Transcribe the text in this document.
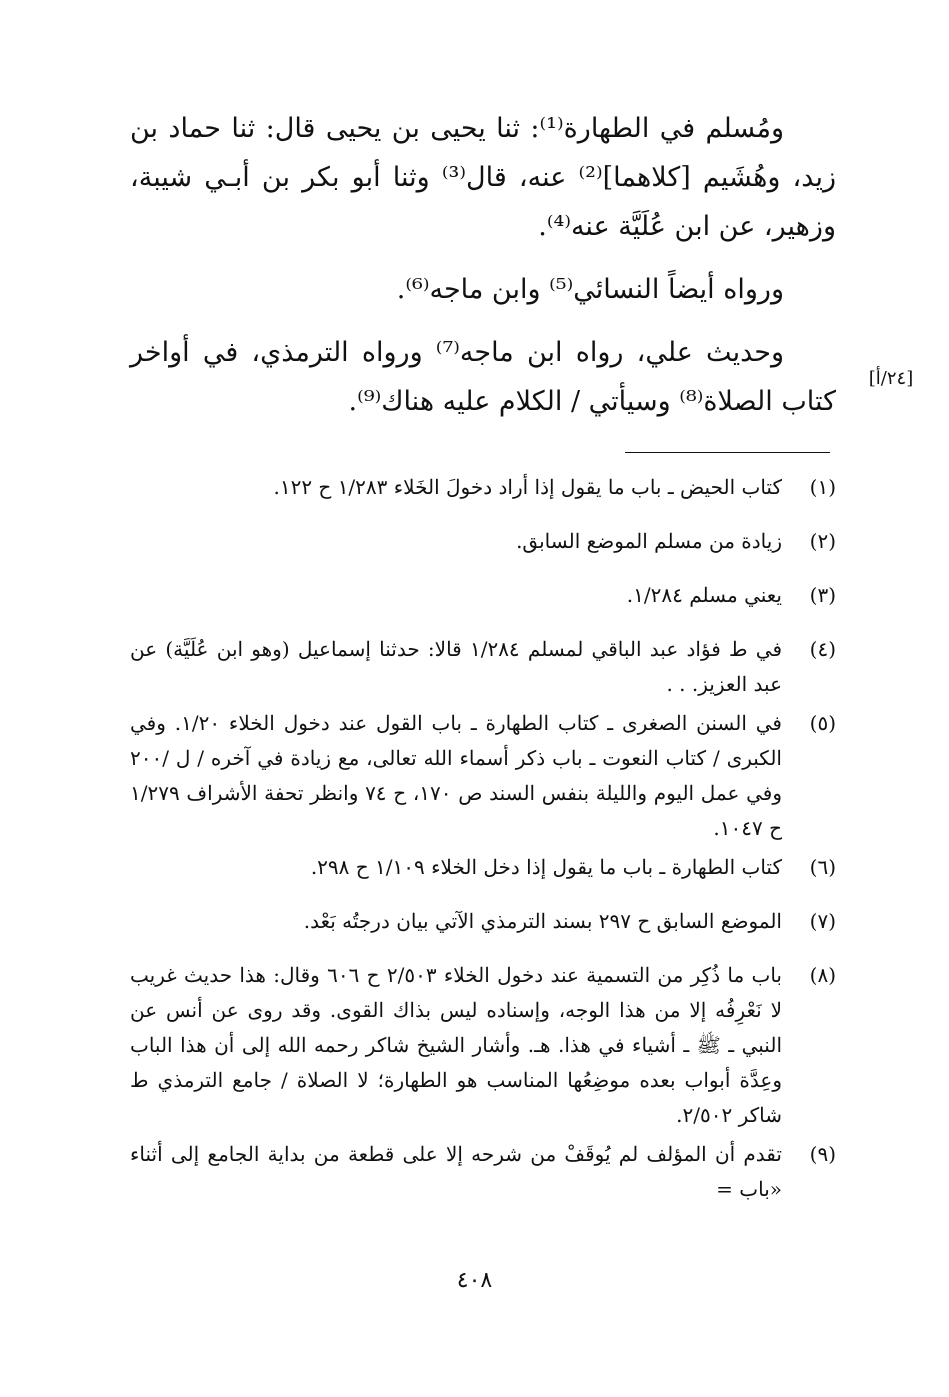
ومُسلم في الطهارة⁽¹⁾: ثنا يحيى بن يحيى قال: ثنا حماد بن زيد، وهُشَيم [كلاهما]⁽²⁾ عنه، قال⁽³⁾ وثنا أبو بكر بن أبـي شيبة، وزهير، عن ابن عُلَيَّة عنه⁽⁴⁾.

ورواه أيضاً النسائي⁽⁵⁾ وابن ماجه⁽⁶⁾.

وحديث علي، رواه ابن ماجه⁽⁷⁾ ورواه الترمذي، في أواخر كتاب الصلاة⁽⁸⁾ وسيأتي / الكلام عليه هناك⁽⁹⁾.

[٢٤/أ]
(١)
كتاب الحيض ـ باب ما يقول إذا أراد دخولَ الخَلاء ١/٢٨٣ ح ١٢٢.
(٢)
زيادة من مسلم الموضع السابق.
(٣)
يعني مسلم ١/٢٨٤.
(٤)
في ط فؤاد عبد الباقي لمسلم ١/٢٨٤ قالا: حدثنا إسماعيل (وهو ابن عُلَيَّة) عن عبد العزيز. . .
(٥)
في السنن الصغرى ـ كتاب الطهارة ـ باب القول عند دخول الخلاء ١/٢٠. وفي الكبرى / كتاب النعوت ـ باب ذكر أسماء الله تعالى، مع زيادة في آخره / ل /٢٠٠ وفي عمل اليوم والليلة بنفس السند ص ١٧٠، ح ٧٤ وانظر تحفة الأشراف ١/٢٧٩ ح ١٠٤٧.
(٦)
كتاب الطهارة ـ باب ما يقول إذا دخل الخلاء ١/١٠٩ ح ٢٩٨.
(٧)
الموضع السابق ح ٢٩٧ بسند الترمذي الآتي بيان درجتُه بَعْد.
(٨)
باب ما ذُكِر من التسمية عند دخول الخلاء ٢/٥٠٣ ح ٦٠٦ وقال: هذا حديث غريب لا نَعْرِفُه إلا من هذا الوجه، وإسناده ليس بذاك القوى. وقد روى عن أنس عن النبي ـ ﷺ ـ أشياء في هذا. هـ. وأشار الشيخ شاكر رحمه الله إلى أن هذا الباب وعِدَّة أبواب بعده موضِعُها المناسب هو الطهارة؛ لا الصلاة / جامع الترمذي ط شاكر ٢/٥٠٢.
(٩)
تقدم أن المؤلف لم يُوقَفْ من شرحه إلا على قطعة من بداية الجامع إلى أثناء «باب =
٤٠٨
